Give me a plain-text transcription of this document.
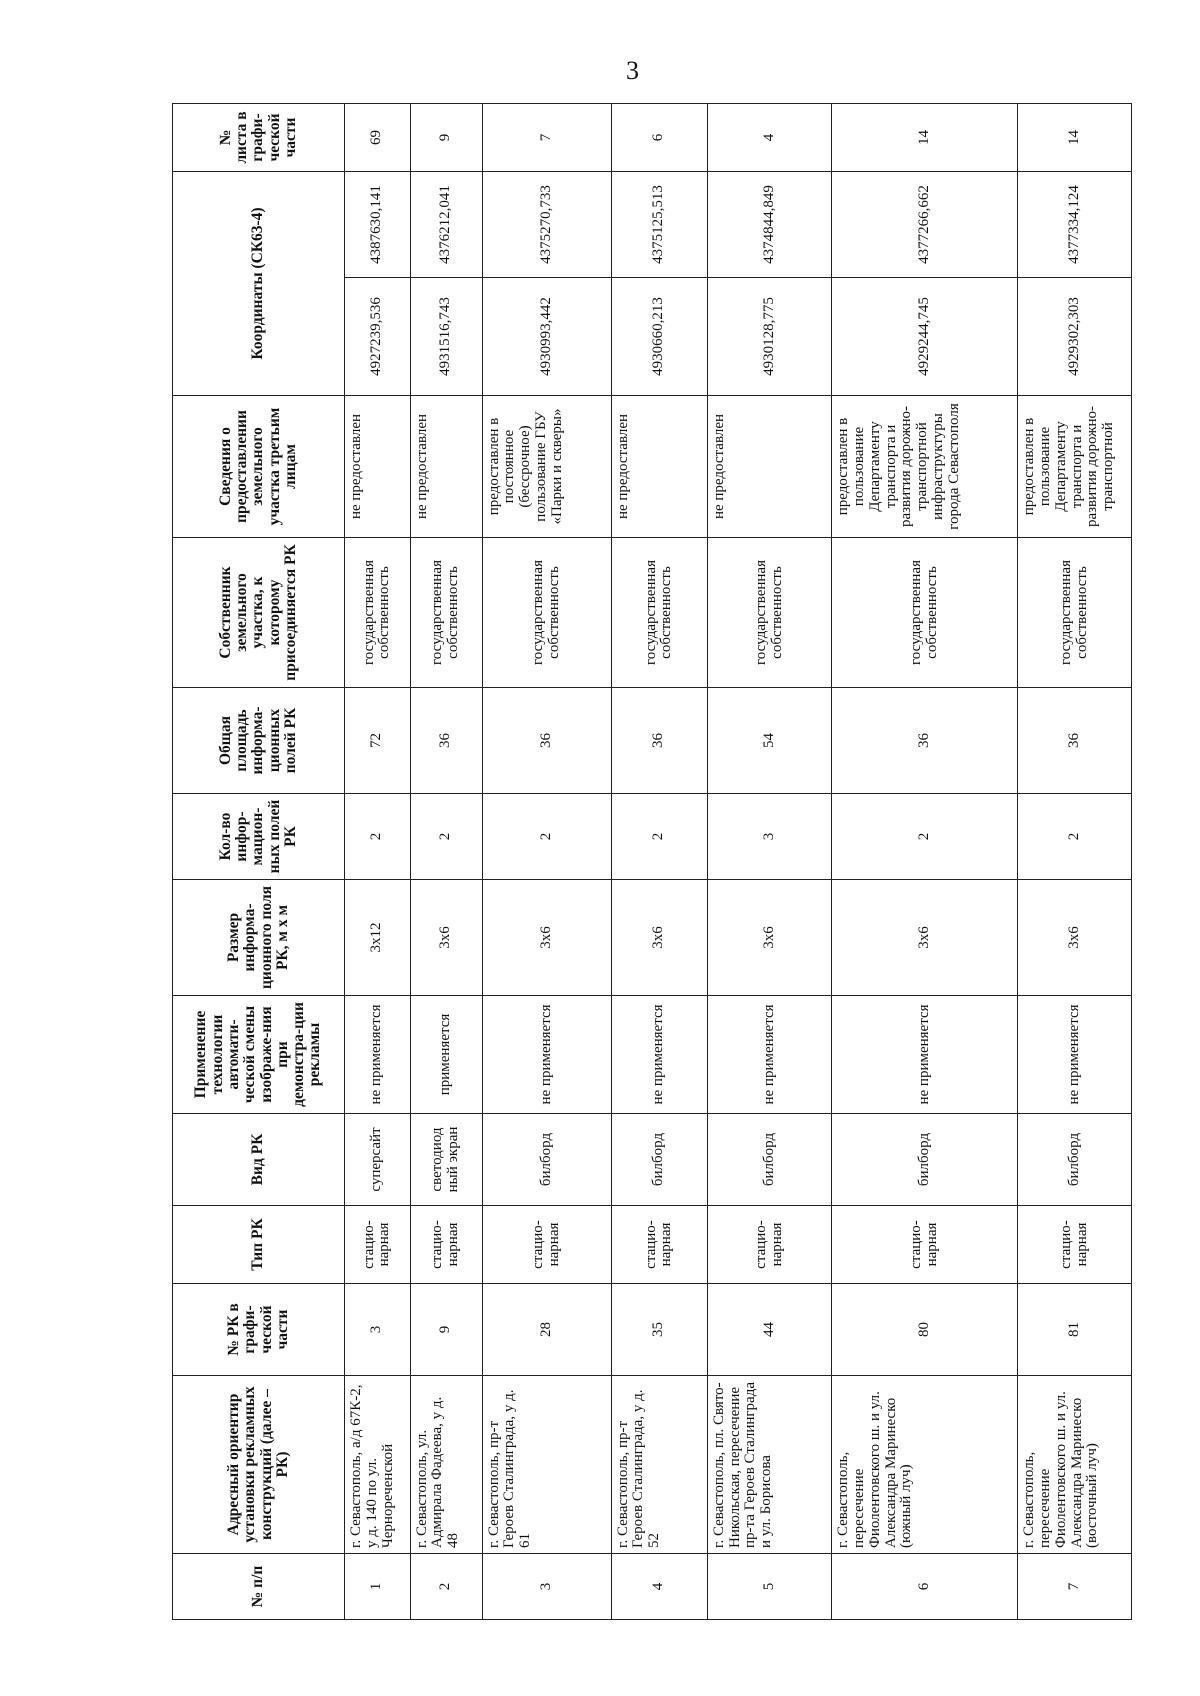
3
№ п/п	Адресный ориентир установки рекламных конструкций (далее – РК)	№ РК в графи-ческой части	Тип РК	Вид РК	Применение технологии автомати-ческой смены изображе-ния при демонстра-ции рекламы	Размер информа-ционного поля РК, м х м	Кол-во инфор-мацион-ных полей РК	Общая площадь информа-ционных полей РК	Собственник земельного участка, к которому присоединяется РК	Сведения о предоставлении земельного участка третьим лицам	Координаты (СК63-4)		№ листа в графи-ческой части
1	г. Севастополь, а/д 67К-2, у д. 140 по ул. Чернореченской	3	стацио-нарная	суперсайт	не применяется	3х12	2	72	государственная собственность	не предоставлен	4927239,536	4387630,141	69
2	г. Севастополь, ул. Адмирала Фадеева, у д. 48	9	стацио-нарная	светодиод ный экран	применяется	3х6	2	36	государственная собственность	не предоставлен	4931516,743	4376212,041	9
3	г. Севастополь, пр-т Героев Сталинграда, у д. 61	28	стацио-нарная	билборд	не применяется	3х6	2	36	государственная собственность	предоставлен в постоянное (бессрочное) пользование ГБУ «Парки и скверы»	4930993,442	4375270,733	7
4	г. Севастополь, пр-т Героев Сталинграда, у д. 52	35	стацио-нарная	билборд	не применяется	3х6	2	36	государственная собственность	не предоставлен	4930660,213	4375125,513	6
5	г. Севастополь, пл. Свято-Никольская, пересечение пр-та Героев Сталинграда и ул. Борисова	44	стацио-нарная	билборд	не применяется	3х6	3	54	государственная собственность	не предоставлен	4930128,775	4374844,849	4
6	г. Севастополь, пересечение Фиолентовского ш. и ул. Александра Маринеско (южный луч)	80	стацио-нарная	билборд	не применяется	3х6	2	36	государственная собственность	предоставлен в пользование Департаменту транспорта и развития дорожно-транспортной инфраструктуры города Севастополя	4929244,745	4377266,662	14
7	г. Севастополь, пересечение Фиолентовского ш. и ул. Александра Маринеско (восточный луч)	81	стацио-нарная	билборд	не применяется	3х6	2	36	государственная собственность	предоставлен в пользование Департаменту транспорта и развития дорожно-транспортной	4929302,303	4377334,124	14
